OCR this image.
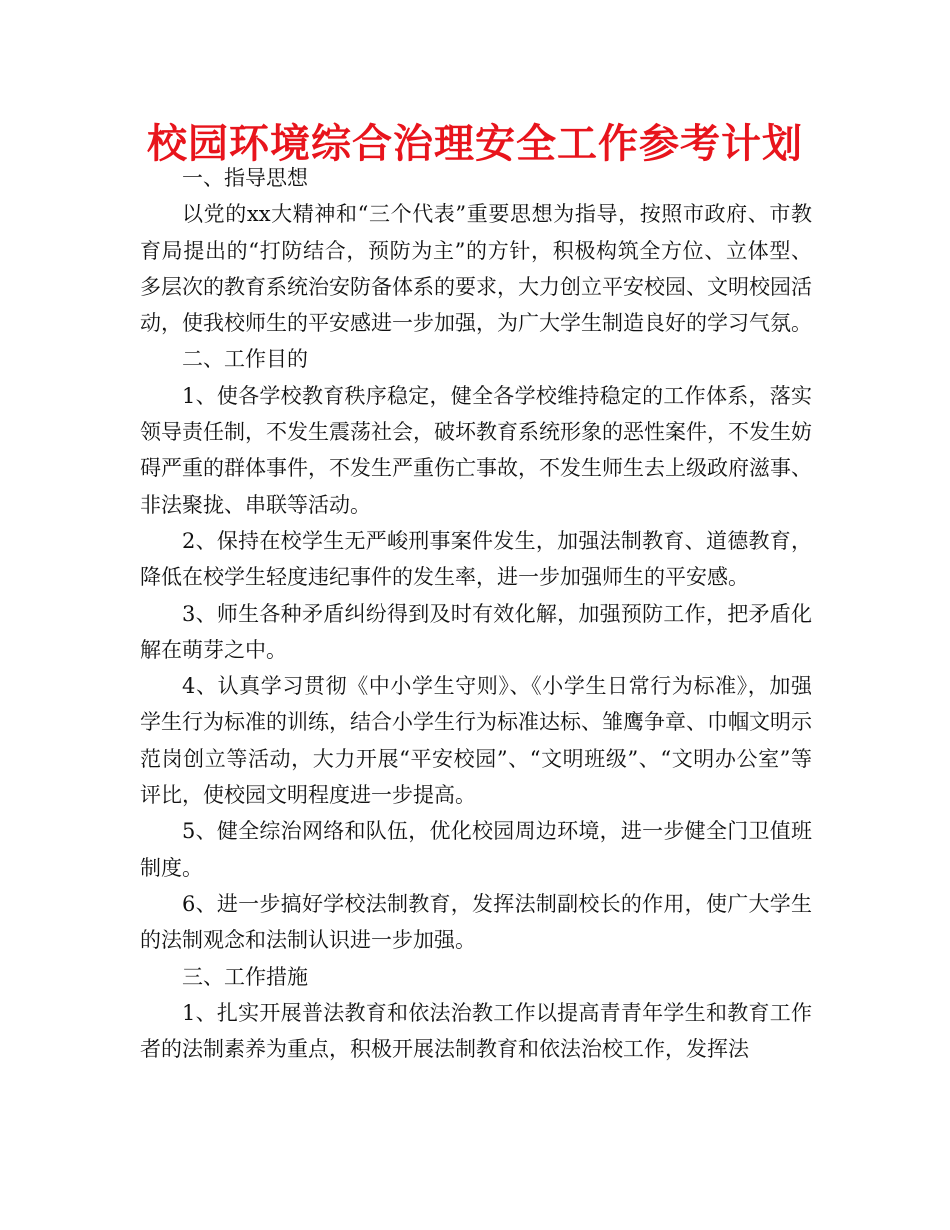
校园环境综合治理安全工作参考计划

一、指导思想

以党的xx大精神和“三个代表”重要思想为指导，按照市政府、市教育局提出的“打防结合，预防为主”的方针，积极构筑全方位、立体型、多层次的教育系统治安防备体系的要求，大力创立平安校园、文明校园活动，使我校师生的平安感进一步加强，为广大学生制造良好的学习气氛。

二、工作目的

1、使各学校教育秩序稳定，健全各学校维持稳定的工作体系，落实领导责任制，不发生震荡社会，破坏教育系统形象的恶性案件，不发生妨碍严重的群体事件，不发生严重伤亡事故，不发生师生去上级政府滋事、非法聚拢、串联等活动。

2、保持在校学生无严峻刑事案件发生，加强法制教育、道德教育，降低在校学生轻度违纪事件的发生率，进一步加强师生的平安感。

3、师生各种矛盾纠纷得到及时有效化解，加强预防工作，把矛盾化解在萌芽之中。

4、认真学习贯彻《中小学生守则》、《小学生日常行为标准》，加强学生行为标准的训练，结合小学生行为标准达标、雏鹰争章、巾帼文明示范岗创立等活动，大力开展“平安校园”、“文明班级”、“文明办公室”等评比，使校园文明程度进一步提高。

5、健全综治网络和队伍，优化校园周边环境，进一步健全门卫值班制度。

6、进一步搞好学校法制教育，发挥法制副校长的作用，使广大学生的法制观念和法制认识进一步加强。

三、工作措施

1、扎实开展普法教育和依法治教工作以提高青青年学生和教育工作者的法制素养为重点，积极开展法制教育和依法治校工作，发挥法
